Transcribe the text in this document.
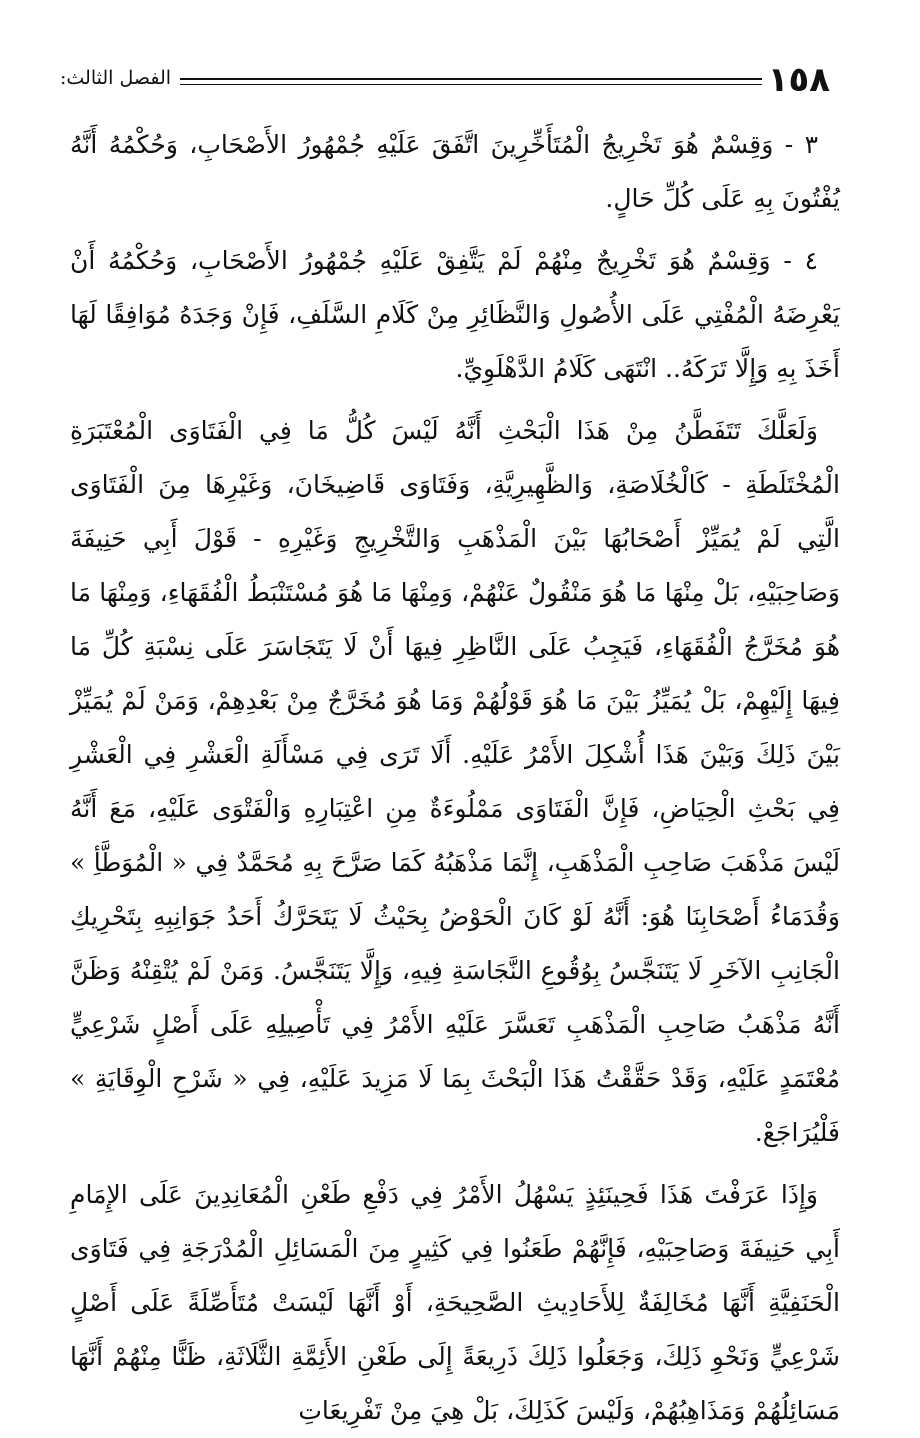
١٥٨
الفصل الثالث:

٣ - وَقِسْمٌ هُوَ تَخْرِيجُ الْمُتَأَخِّرِينَ اتَّفَقَ عَلَيْهِ جُمْهُورُ الأَصْحَابِ، وَحُكْمُهُ أَنَّهُ يُفْتُونَ بِهِ عَلَى كُلِّ حَالٍ.

٤ - وَقِسْمٌ هُوَ تَخْرِيجٌ مِنْهُمْ لَمْ يَتَّفِقْ عَلَيْهِ جُمْهُورُ الأَصْحَابِ، وَحُكْمُهُ أَنْ يَعْرِضَهُ الْمُفْتِي عَلَى الأُصُولِ وَالنَّظَائِرِ مِنْ كَلَامِ السَّلَفِ، فَإِنْ وَجَدَهُ مُوَافِقًا لَهَا أَخَذَ بِهِ وَإِلَّا تَرَكَهُ.. انْتَهَى كَلَامُ الدَّهْلَوِيِّ.

وَلَعَلَّكَ تَتَفَطَّنُ مِنْ هَذَا الْبَحْثِ أَنَّهُ لَيْسَ كُلُّ مَا فِي الْفَتَاوَى الْمُعْتَبَرَةِ الْمُخْتَلَطَةِ - كَالْخُلَاصَةِ، وَالظَّهِيرِيَّةِ، وَفَتَاوَى قَاضِيخَانَ، وَغَيْرِهَا مِنَ الْفَتَاوَى الَّتِي لَمْ يُمَيِّزْ أَصْحَابُهَا بَيْنَ الْمَذْهَبِ وَالتَّخْرِيجِ وَغَيْرِهِ - قَوْلَ أَبِي حَنِيفَةَ وَصَاحِبَيْهِ، بَلْ مِنْهَا مَا هُوَ مَنْقُولٌ عَنْهُمْ، وَمِنْهَا مَا هُوَ مُسْتَنْبَطُ الْفُقَهَاءِ، وَمِنْهَا مَا هُوَ مُخَرَّجُ الْفُقَهَاءِ، فَيَجِبُ عَلَى النَّاظِرِ فِيهَا أَنْ لَا يَتَجَاسَرَ عَلَى نِسْبَةِ كُلِّ مَا فِيهَا إِلَيْهِمْ، بَلْ يُمَيِّزُ بَيْنَ مَا هُوَ قَوْلُهُمْ وَمَا هُوَ مُخَرَّجٌ مِنْ بَعْدِهِمْ، وَمَنْ لَمْ يُمَيِّزْ بَيْنَ ذَلِكَ وَبَيْنَ هَذَا أُشْكِلَ الأَمْرُ عَلَيْهِ. أَلَا تَرَى فِي مَسْأَلَةِ الْعَشْرِ فِي الْعَشْرِ فِي بَحْثِ الْحِيَاضِ، فَإِنَّ الْفَتَاوَى مَمْلُوءَةٌ مِنِ اعْتِبَارِهِ وَالْفَتْوَى عَلَيْهِ، مَعَ أَنَّهُ لَيْسَ مَذْهَبَ صَاحِبِ الْمَذْهَبِ، إِنَّمَا مَذْهَبُهُ كَمَا صَرَّحَ بِهِ مُحَمَّدٌ فِي « الْمُوَطَّأِ » وَقُدَمَاءُ أَصْحَابِنَا هُوَ: أَنَّهُ لَوْ كَانَ الْحَوْضُ بِحَيْثُ لَا يَتَحَرَّكُ أَحَدُ جَوَانِبِهِ بِتَحْرِيكِ الْجَانِبِ الآخَرِ لَا يَتَنَجَّسُ بِوُقُوعِ النَّجَاسَةِ فِيهِ، وَإِلَّا يَتَنَجَّسُ. وَمَنْ لَمْ يُتْقِنْهُ وَظَنَّ أَنَّهُ مَذْهَبُ صَاحِبِ الْمَذْهَبِ تَعَسَّرَ عَلَيْهِ الأَمْرُ فِي تَأْصِيلِهِ عَلَى أَصْلٍ شَرْعِيٍّ مُعْتَمَدٍ عَلَيْهِ، وَقَدْ حَقَّقْتُ هَذَا الْبَحْثَ بِمَا لَا مَزِيدَ عَلَيْهِ، فِي « شَرْحِ الْوِقَايَةِ » فَلْيُرَاجَعْ.

وَإِذَا عَرَفْتَ هَذَا فَحِينَئِذٍ يَسْهُلُ الأَمْرُ فِي دَفْعِ طَعْنِ الْمُعَانِدِينَ عَلَى الإِمَامِ أَبِي حَنِيفَةَ وَصَاحِبَيْهِ، فَإِنَّهُمْ طَعَنُوا فِي كَثِيرٍ مِنَ الْمَسَائِلِ الْمُدْرَجَةِ فِي فَتَاوَى الْحَنَفِيَّةِ أَنَّهَا مُخَالِفَةٌ لِلأَحَادِيثِ الصَّحِيحَةِ، أَوْ أَنَّهَا لَيْسَتْ مُتَأَصِّلَةً عَلَى أَصْلٍ شَرْعِيٍّ وَنَحْوِ ذَلِكَ، وَجَعَلُوا ذَلِكَ ذَرِيعَةً إِلَى طَعْنِ الأَئِمَّةِ الثَّلَاثَةِ، ظَنًّا مِنْهُمْ أَنَّهَا مَسَائِلُهُمْ وَمَذَاهِبُهُمْ، وَلَيْسَ كَذَلِكَ، بَلْ هِيَ مِنْ تَفْرِيعَاتِ
